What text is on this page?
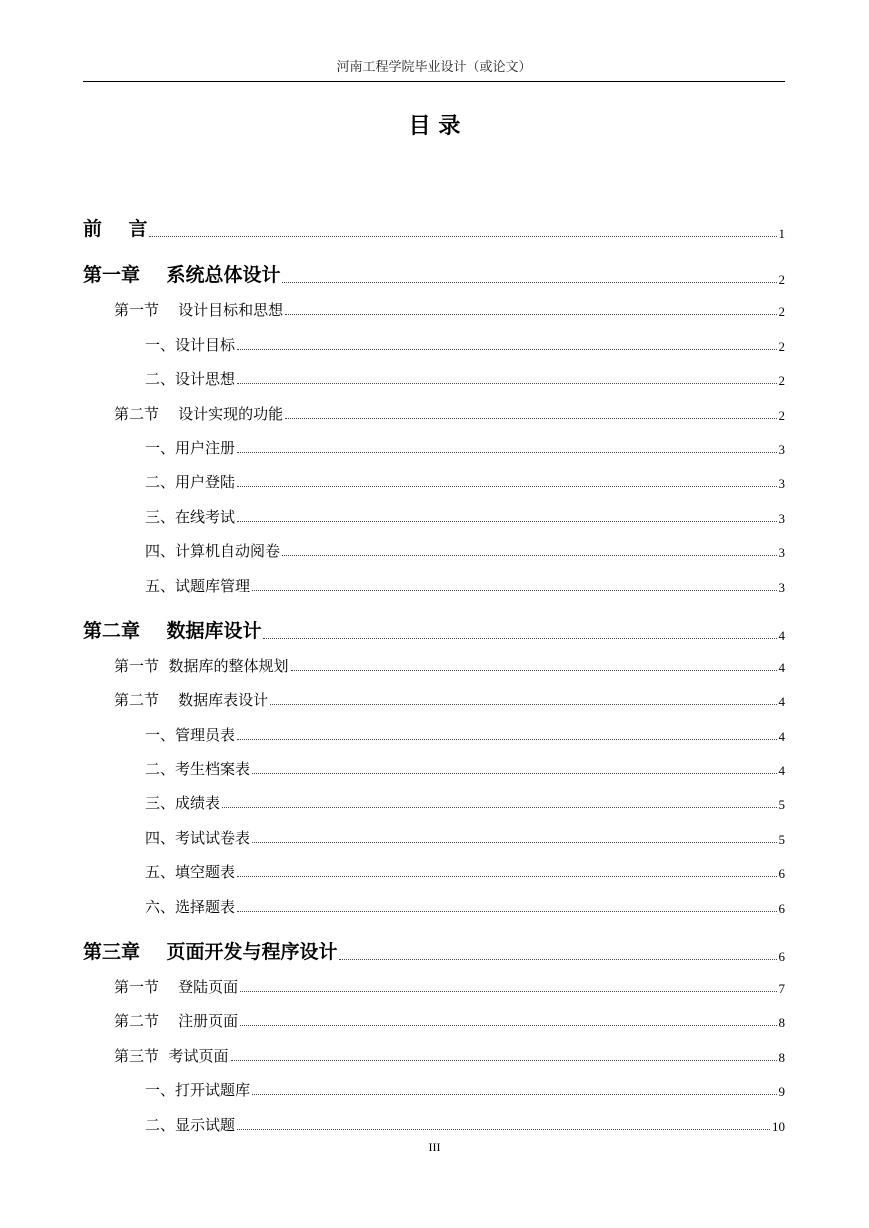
河南工程学院毕业设计（或论文）
目 录
前    言	1
第一章    系统总体设计	2
第一节    设计目标和思想	2
一、设计目标	2
二、设计思想	2
第二节    设计实现的功能	2
一、用户注册	3
二、用户登陆	3
三、在线考试	3
四、计算机自动阅卷	3
五、试题库管理	3
第二章    数据库设计	4
第一节  数据库的整体规划	4
第二节    数据库表设计	4
一、管理员表	4
二、考生档案表	4
三、成绩表	5
四、考试试卷表	5
五、填空题表	6
六、选择题表	6
第三章    页面开发与程序设计	6
第一节    登陆页面	7
第二节    注册页面	8
第三节  考试页面	8
一、打开试题库	9
二、显示试题	10
III
